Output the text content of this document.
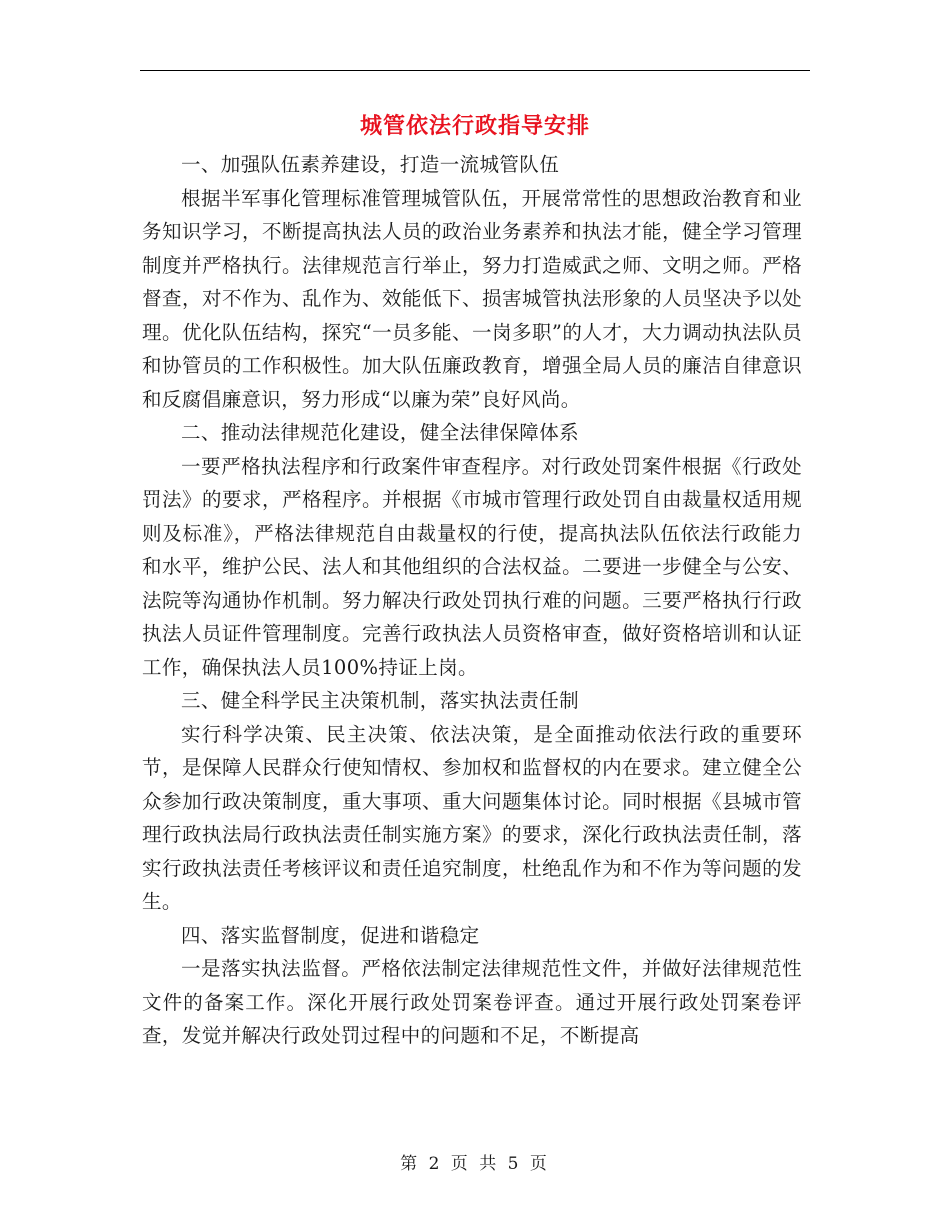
城管依法行政指导安排

一、加强队伍素养建设，打造一流城管队伍

根据半军事化管理标准管理城管队伍，开展常常性的思想政治教育和业务知识学习，不断提高执法人员的政治业务素养和执法才能，健全学习管理制度并严格执行。法律规范言行举止，努力打造威武之师、文明之师。严格督查，对不作为、乱作为、效能低下、损害城管执法形象的人员坚决予以处理。优化队伍结构，探究“一员多能、一岗多职”的人才，大力调动执法队员和协管员的工作积极性。加大队伍廉政教育，增强全局人员的廉洁自律意识和反腐倡廉意识，努力形成“以廉为荣”良好风尚。

二、推动法律规范化建设，健全法律保障体系

一要严格执法程序和行政案件审查程序。对行政处罚案件根据《行政处罚法》的要求，严格程序。并根据《市城市管理行政处罚自由裁量权适用规则及标准》，严格法律规范自由裁量权的行使，提高执法队伍依法行政能力和水平，维护公民、法人和其他组织的合法权益。二要进一步健全与公安、法院等沟通协作机制。努力解决行政处罚执行难的问题。三要严格执行行政执法人员证件管理制度。完善行政执法人员资格审查，做好资格培训和认证工作，确保执法人员100%持证上岗。

三、健全科学民主决策机制，落实执法责任制

实行科学决策、民主决策、依法决策，是全面推动依法行政的重要环节，是保障人民群众行使知情权、参加权和监督权的内在要求。建立健全公众参加行政决策制度，重大事项、重大问题集体讨论。同时根据《县城市管理行政执法局行政执法责任制实施方案》的要求，深化行政执法责任制，落实行政执法责任考核评议和责任追究制度，杜绝乱作为和不作为等问题的发生。

四、落实监督制度，促进和谐稳定

一是落实执法监督。严格依法制定法律规范性文件，并做好法律规范性文件的备案工作。深化开展行政处罚案卷评查。通过开展行政处罚案卷评查，发觉并解决行政处罚过程中的问题和不足，不断提高

第 2 页 共 5 页
